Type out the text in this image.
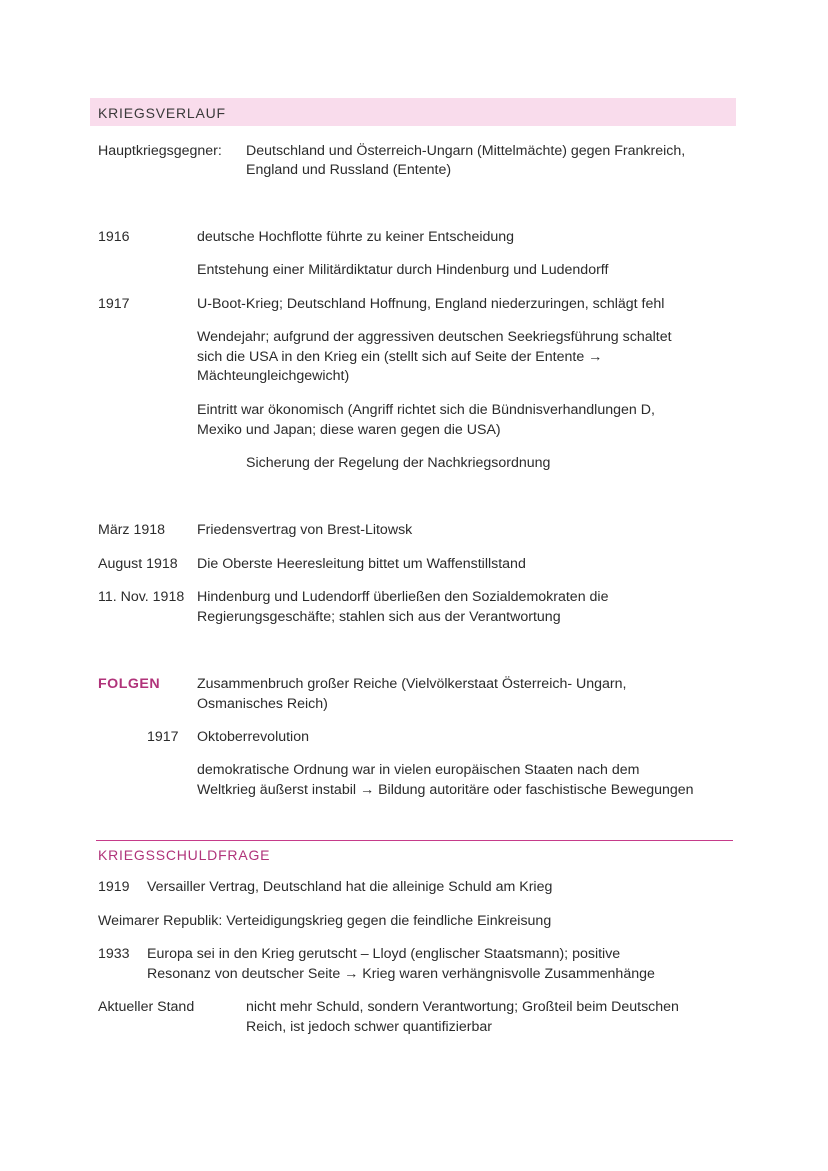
KRIEGSVERLAUF
Hauptkriegsgegner: Deutschland und Österreich-Ungarn (Mittelmächte) gegen Frankreich,
England und Russland (Entente)
1916	deutsche Hochflotte führte zu keiner Entscheidung
Entstehung einer Militärdiktatur durch Hindenburg und Ludendorff
1917	U-Boot-Krieg; Deutschland Hoffnung, England niederzuringen, schlägt fehl
Wendejahr; aufgrund der aggressiven deutschen Seekriegsführung schaltet
sich die USA in den Krieg ein (stellt sich auf Seite der Entente →
Mächteungleichgewicht)
Eintritt war ökonomisch (Angriff richtet sich die Bündnisverhandlungen D,
Mexiko und Japan; diese waren gegen die USA)
Sicherung der Regelung der Nachkriegsordnung
März 1918 Friedensvertrag von Brest-Litowsk
August 1918 Die Oberste Heeresleitung bittet um Waffenstillstand
11. Nov. 1918 Hindenburg und Ludendorff überließen den Sozialdemokraten die
Regierungsgeschäfte; stahlen sich aus der Verantwortung
FOLGEN	Zusammenbruch großer Reiche (Vielvölkerstaat Österreich- Ungarn,
Osmanisches Reich)
1917 Oktoberrevolution
demokratische Ordnung war in vielen europäischen Staaten nach dem
Weltkrieg äußerst instabil → Bildung autoritäre oder faschistische Bewegungen
KRIEGSSCHULDFRAGE
1919 Versailler Vertrag, Deutschland hat die alleinige Schuld am Krieg
Weimarer Republik: Verteidigungskrieg gegen die feindliche Einkreisung
1933 Europa sei in den Krieg gerutscht – Lloyd (englischer Staatsmann); positive
Resonanz von deutscher Seite → Krieg waren verhängnisvolle Zusammenhänge
Aktueller Stand	nicht mehr Schuld, sondern Verantwortung; Großteil beim Deutschen
Reich, ist jedoch schwer quantifizierbar
